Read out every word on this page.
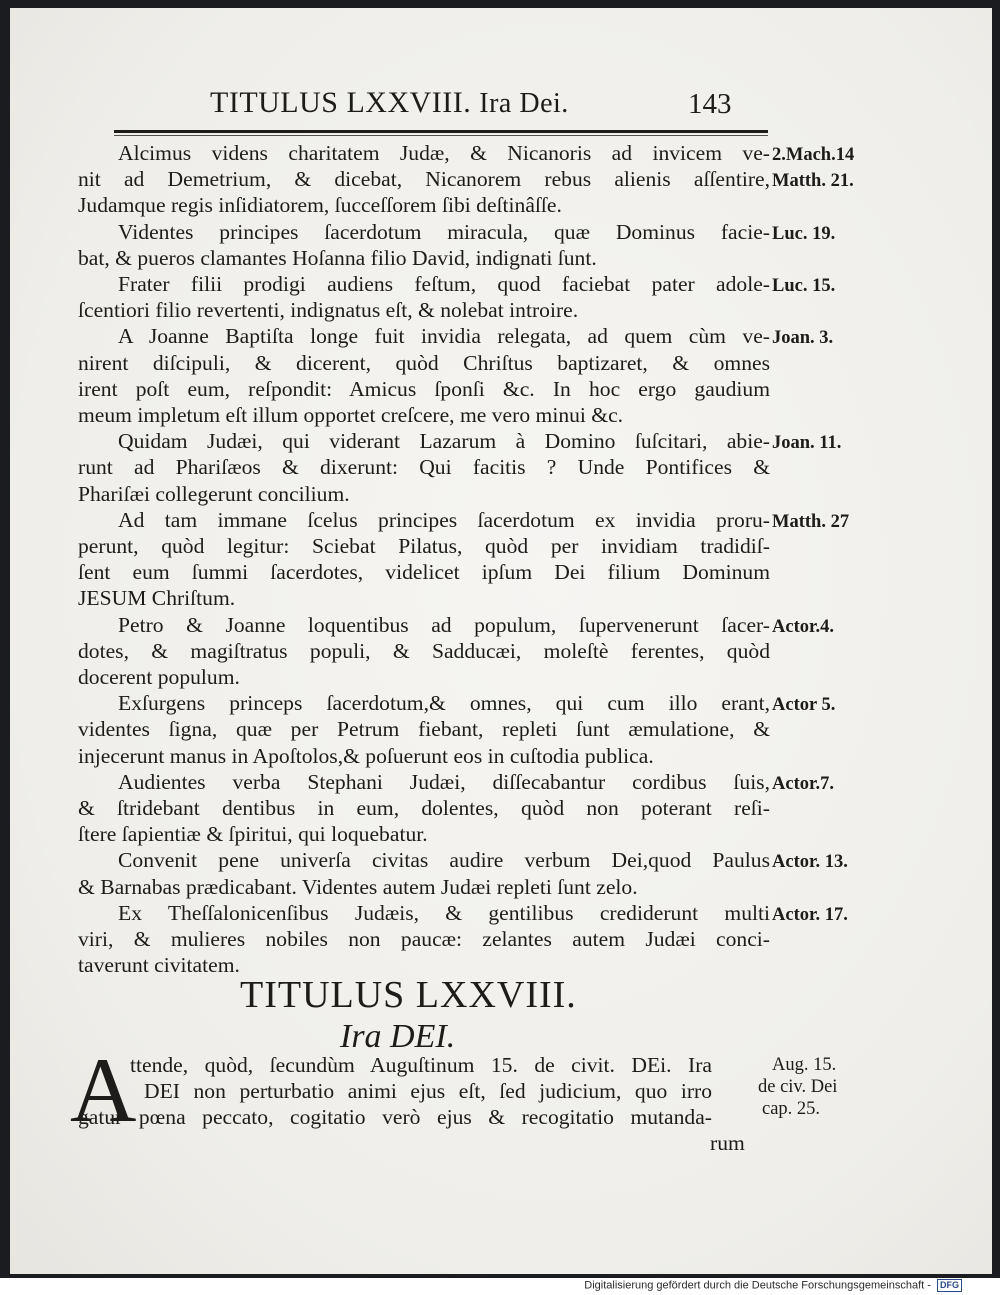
TITULUS LXXVIII. Ira Dei.	143
Alcimus videns charitatem Judæ, & Nicanoris ad invicem ve-
nit ad Demetrium, & dicebat, Nicanorem rebus alienis aſſentire,
Judamque regis inſidiatorem, ſucceſſorem ſibi deſtinâſſe.
Videntes principes ſacerdotum miracula, quæ Dominus facie-
bat, & pueros clamantes Hoſanna filio David, indignati ſunt.
Frater filii prodigi audiens feſtum, quod faciebat pater adole-
ſcentiori filio revertenti, indignatus eſt, & nolebat introire.
A Joanne Baptiſta longe fuit invidia relegata, ad quem cùm ve-
nirent diſcipuli, & dicerent, quòd Chriſtus baptizaret, & omnes
irent poſt eum, reſpondit: Amicus ſponſi &c. In hoc ergo gaudium
meum impletum eſt illum opportet creſcere, me vero minui &c.
Quidam Judæi, qui viderant Lazarum à Domino ſuſcitari, abie-
runt ad Phariſæos & dixerunt: Qui facitis ? Unde Pontifices &
Phariſæi collegerunt concilium.
Ad tam immane ſcelus principes ſacerdotum ex invidia proru-
perunt, quòd legitur: Sciebat Pilatus, quòd per invidiam tradidiſ-
ſent eum ſummi ſacerdotes, videlicet ipſum Dei filium Dominum
JESUM Chriſtum.
Petro & Joanne loquentibus ad populum, ſupervenerunt ſacer-
dotes, & magiſtratus populi, & Sadducæi, moleſtè ferentes, quòd
docerent populum.
Exſurgens princeps ſacerdotum,& omnes, qui cum illo erant,
videntes ſigna, quæ per Petrum fiebant, repleti ſunt æmulatione, &
injecerunt manus in Apoſtolos,& poſuerunt eos in cuſtodia publica.
Audientes verba Stephani Judæi, diſſecabantur cordibus ſuis,
& ſtridebant dentibus in eum, dolentes, quòd non poterant reſi-
ſtere ſapientiæ & ſpiritui, qui loquebatur.
Convenit pene univerſa civitas audire verbum Dei,quod Paulus
& Barnabas prædicabant. Videntes autem Judæi repleti ſunt zelo.
Ex Theſſalonicenſibus Judæis, & gentilibus crediderunt multi
viri, & mulieres nobiles non paucæ: zelantes autem Judæi conci-
taverunt civitatem.
2.Mach.14
Matth. 21.
Luc. 19.
Luc. 15.
Joan. 3.
Joan. 11.
Matth. 27
Actor.4.
Actor 5.
Actor.7.
Actor. 13.
Actor. 17.
TITULUS LXXVIII.
Ira DEI.
A
ttende, quòd, ſecundùm Auguſtinum 15. de civit. DEi. Ira
DEI non perturbatio animi ejus eſt, ſed judicium, quo irro
gatur pœna peccato, cogitatio verò ejus & recogitatio mutanda-
rum
Aug. 15.
de civ. Dei
cap. 25.
Digitalisierung gefördert durch die Deutsche Forschungsgemeinschaft - DFG
